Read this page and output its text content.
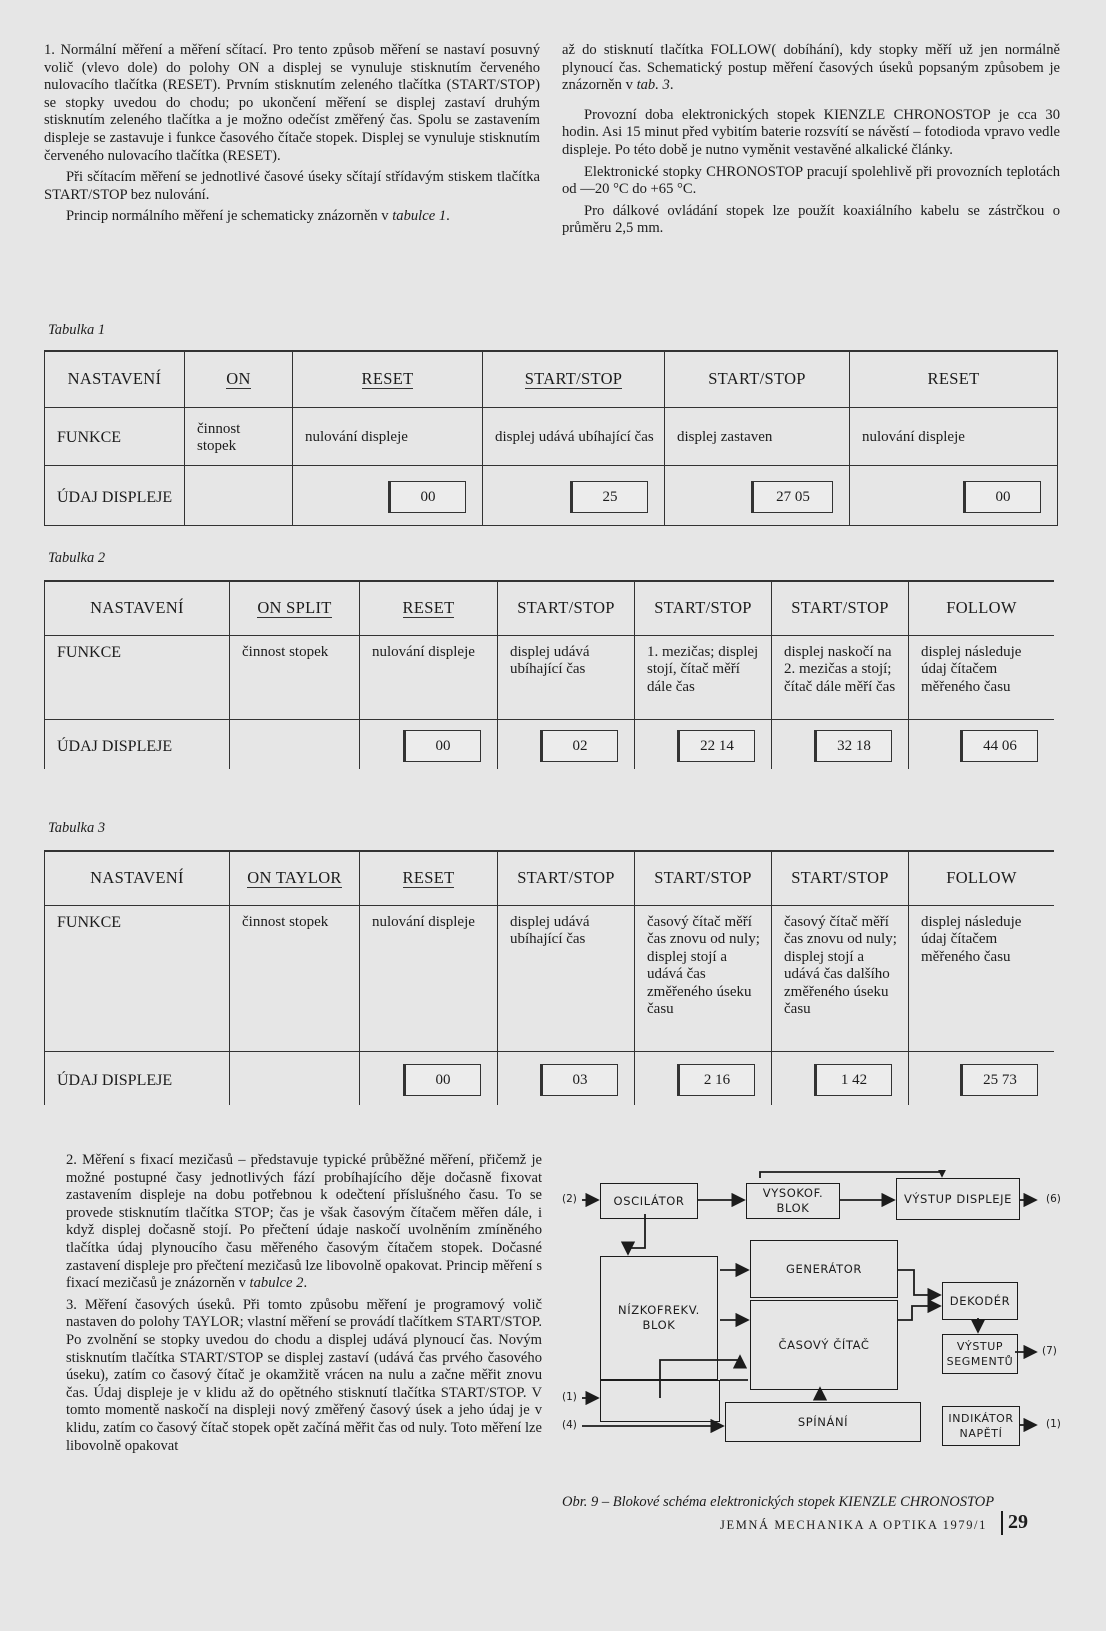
1. Normální měření a měření sčítací. Pro tento způsob měření se nastaví posuvný volič (vlevo dole) do polohy ON a displej se vynuluje stisknutím červeného nulovacího tlačítka (RESET). Prvním stisknutím zeleného tlačítka (START/STOP) se stopky uvedou do chodu; po ukončení měření se displej zastaví druhým stisknutím zeleného tlačítka a je možno odečíst změřený čas. Spolu se zastavením displeje se zastavuje i funkce časového čítače stopek. Displej se vynuluje stisknutím červeného nulovacího tlačítka (RESET).

Při sčítacím měření se jednotlivé časové úseky sčítají střídavým stiskem tlačítka START/STOP bez nulování.

Princip normálního měření je schematicky znázorněn v tabulce 1.

až do stisknutí tlačítka FOLLOW( dobíhání), kdy stopky měří už jen normálně plynoucí čas. Schematický postup měření časových úseků popsaným způsobem je znázorněn v tab. 3.

Provozní doba elektronických stopek KIENZLE CHRONOSTOP je cca 30 hodin. Asi 15 minut před vybitím baterie rozsvítí se návěstí – fotodioda vpravo vedle displeje. Po této době je nutno vyměnit vestavěné alkalické články.

Elektronické stopky CHRONOSTOP pracují spolehlivě při provozních teplotách od —20 °C do +65 °C.

Pro dálkové ovládání stopek lze použít koaxiálního kabelu se zástrčkou o průměru 2,5 mm.

Tabulka 1
NASTAVENÍ	ON	RESET	START/STOP	START/STOP	RESET
FUNKCE	činnost stopek	nulování displeje	displej udává ubíhající čas	displej zastaven	nulování displeje
ÚDAJ DISPLEJE		00	25	27 05	00
Tabulka 2
NASTAVENÍ	ON SPLIT	RESET	START/STOP	START/STOP	START/STOP	FOLLOW
FUNKCE	činnost stopek	nulování displeje	displej udává ubíhající čas	1. mezičas; displej stojí, čítač měří dále čas	displej naskočí na 2. mezičas a stojí; čítač dále měří čas	displej následuje údaj čítačem měřeného času
ÚDAJ DISPLEJE		00	02	22 14	32 18	44 06
Tabulka 3
NASTAVENÍ	ON TAYLOR	RESET	START/STOP	START/STOP	START/STOP	FOLLOW
FUNKCE	činnost stopek	nulování displeje	displej udává ubíhající čas	časový čítač měří čas znovu od nuly; displej stojí a udává čas změřeného úseku času	časový čítač měří čas znovu od nuly; displej stojí a udává čas dalšího změřeného úseku času	displej následuje údaj čítačem měřeného času
ÚDAJ DISPLEJE		00	03	2 16	1 42	25 73

2. Měření s fixací mezičasů – představuje typické průběžné měření, přičemž je možné postupné časy jednotlivých fází probíhajícího děje dočasně fixovat zastavením displeje na dobu potřebnou k odečtení příslušného času. To se provede stisknutím tlačítka STOP; čas je však časovým čítačem měřen dále, i když displej dočasně stojí. Po přečtení údaje naskočí uvolněním zmíněného tlačítka údaj plynoucího času měřeného časovým čítačem stopek. Dočasné zastavení displeje pro přečtení mezičasů lze libovolně opakovat. Princip měření s fixací mezičasů je znázorněn v tabulce 2.

3. Měření časových úseků. Při tomto způsobu měření je programový volič nastaven do polohy TAYLOR; vlastní měření se provádí tlačítkem START/STOP. Po zvolnění se stopky uvedou do chodu a displej udává plynoucí čas. Novým stisknutím tlačítka START/STOP se displej zastaví (udává čas prvého časového úseku), zatím co časový čítač je okamžitě vrácen na nulu a začne měřit znovu čas. Údaj displeje je v klidu až do opětného stisknutí tlačítka START/STOP. V tomto momentě naskočí na displeji nový změřený časový úsek a jeho údaj je v klidu, zatím co časový čítač stopek opět začíná měřit čas od nuly. Toto měření lze libovolně opakovat

OSCILÁTOR
VYSOKOF. BLOK
VÝSTUP DISPLEJE
NÍZKOFREKV. BLOK
GENERÁTOR
DEKODÉR
ČASOVÝ ČÍTAČ	VÝSTUP SEGMENTŮ
SPÍNÁNÍ	INDIKÁTOR NAPĚTÍ
(2)	(6)
(7)
(1)
(4)	(1)
Obr. 9 – Blokové schéma elektronických stopek KIENZLE CHRONOSTOP
JEMNÁ MECHANIKA A OPTIKA 1979/1 29
